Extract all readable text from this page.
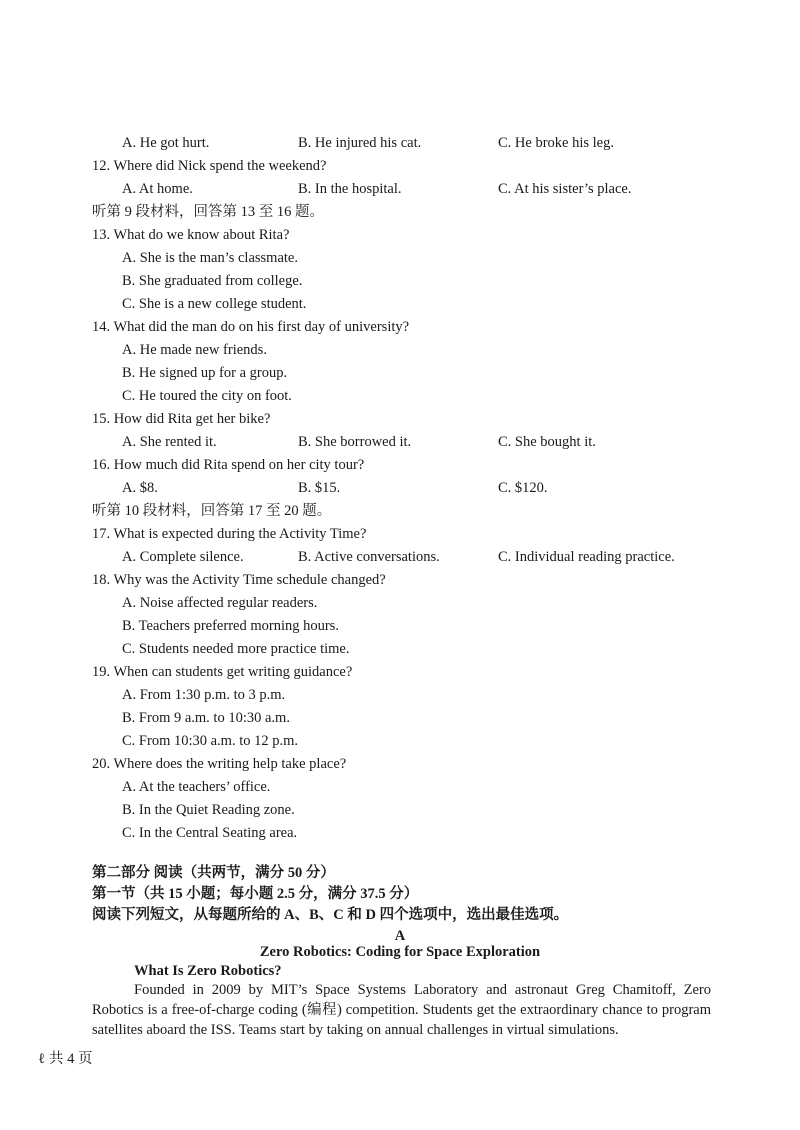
A. He got hurt.	B. He injured his cat.	C. He broke his leg.
12. Where did Nick spend the weekend?
A. At home.	B. In the hospital.	C. At his sister’s place.
听第 9 段材料，回答第 13 至 16 题。
13. What do we know about Rita?
A. She is the man’s classmate.
B. She graduated from college.
C. She is a new college student.
14. What did the man do on his first day of university?
A. He made new friends.
B. He signed up for a group.
C. He toured the city on foot.
15. How did Rita get her bike?
A. She rented it.	B. She borrowed it.	C. She bought it.
16. How much did Rita spend on her city tour?
A. $8.	B. $15.	C. $120.
听第 10 段材料，回答第 17 至 20 题。
17. What is expected during the Activity Time?
A. Complete silence.	B. Active conversations.	C. Individual reading practice.
18. Why was the Activity Time schedule changed?
A. Noise affected regular readers.
B. Teachers preferred morning hours.
C. Students needed more practice time.
19. When can students get writing guidance?
A. From 1:30 p.m. to 3 p.m.
B. From 9 a.m. to 10:30 a.m.
C. From 10:30 a.m. to 12 p.m.
20. Where does the writing help take place?
A. At the teachers’ office.
B. In the Quiet Reading zone.
C. In the Central Seating area.
第二部分 阅读（共两节，满分 50 分）
第一节（共 15 小题；每小题 2.5 分，满分 37.5 分）
阅读下列短文，从每题所给的 A、B、C 和 D 四个选项中，选出最佳选项。
A
Zero Robotics: Coding for Space Exploration
What Is Zero Robotics?
Founded in 2009 by MIT’s Space Systems Laboratory and astronaut Greg Chamitoff, Zero Robotics is a free-of-charge coding (编程) competition. Students get the extraordinary chance to program satellites aboard the ISS. Teams start by taking on annual challenges in virtual simulations.
ℓ 共 4 页
